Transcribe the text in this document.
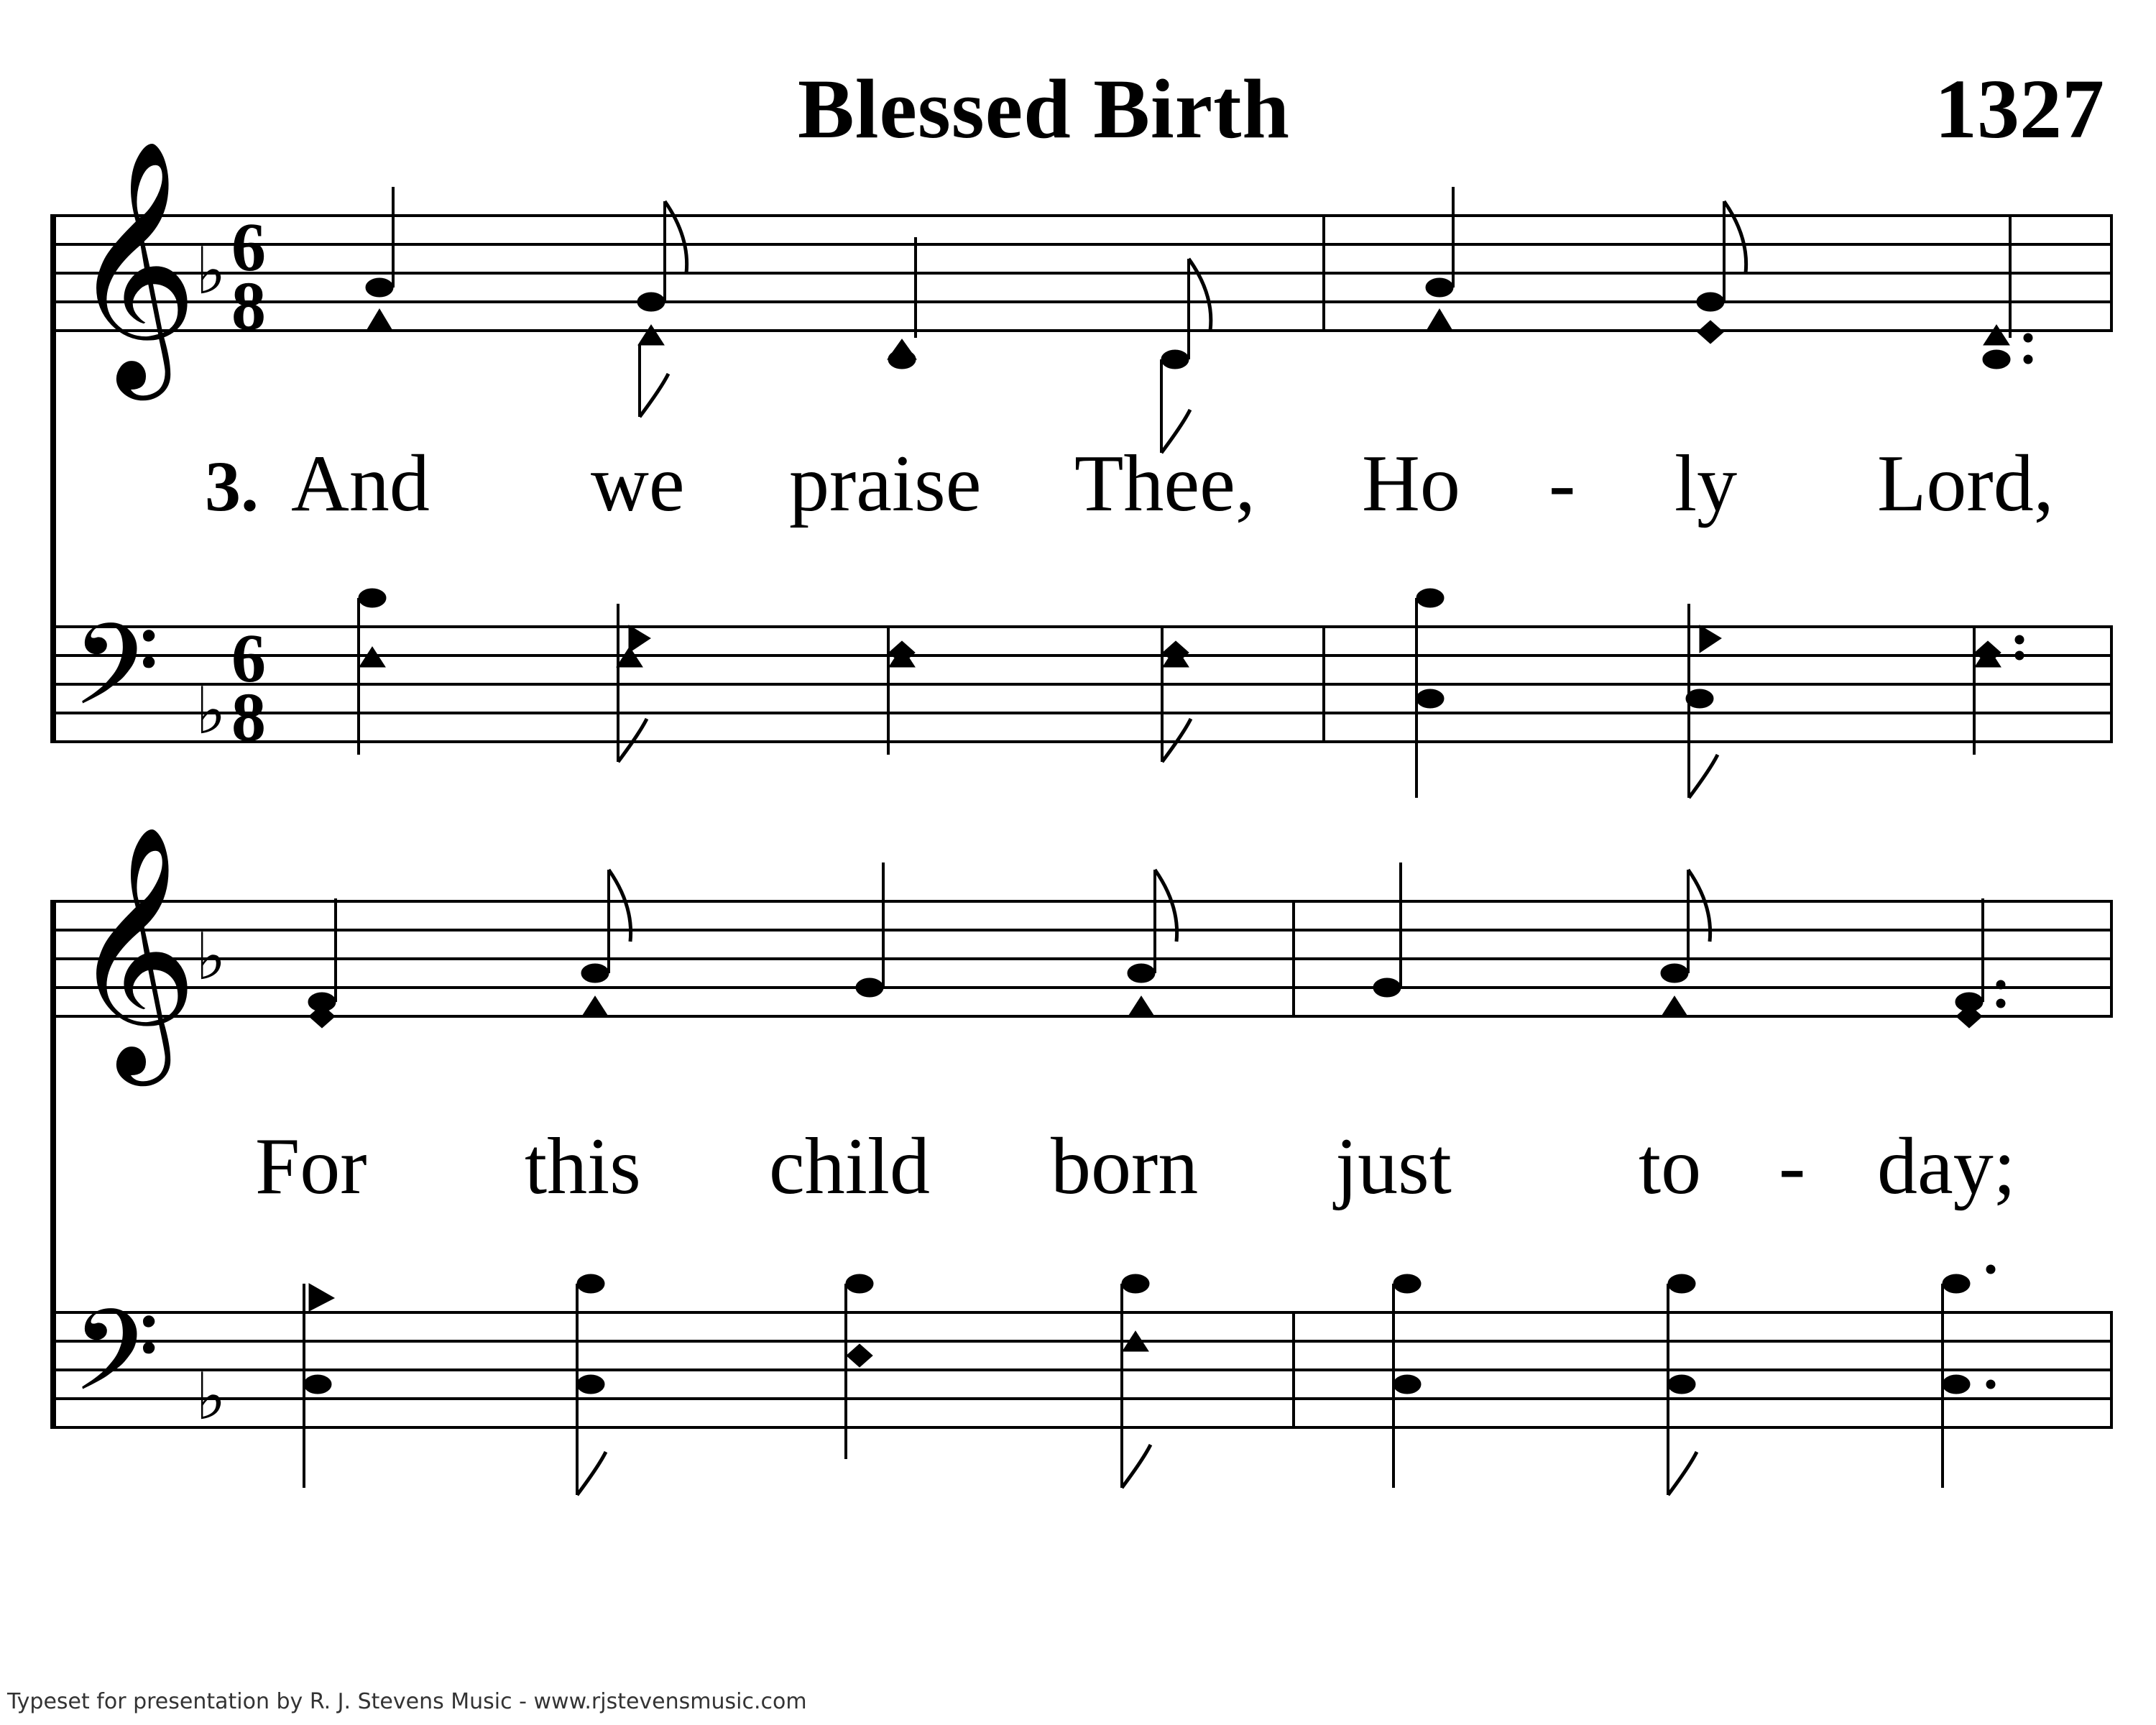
Blessed Birth	1327
𝄞
𝄢
♭
♭
6
8
6
8
3. And we praise Thee, Ho - ly Lord,
𝄞
𝄢
♭
♭
For this child born just to - day;
Typeset for presentation by R. J. Stevens Music - www.rjstevensmusic.com
